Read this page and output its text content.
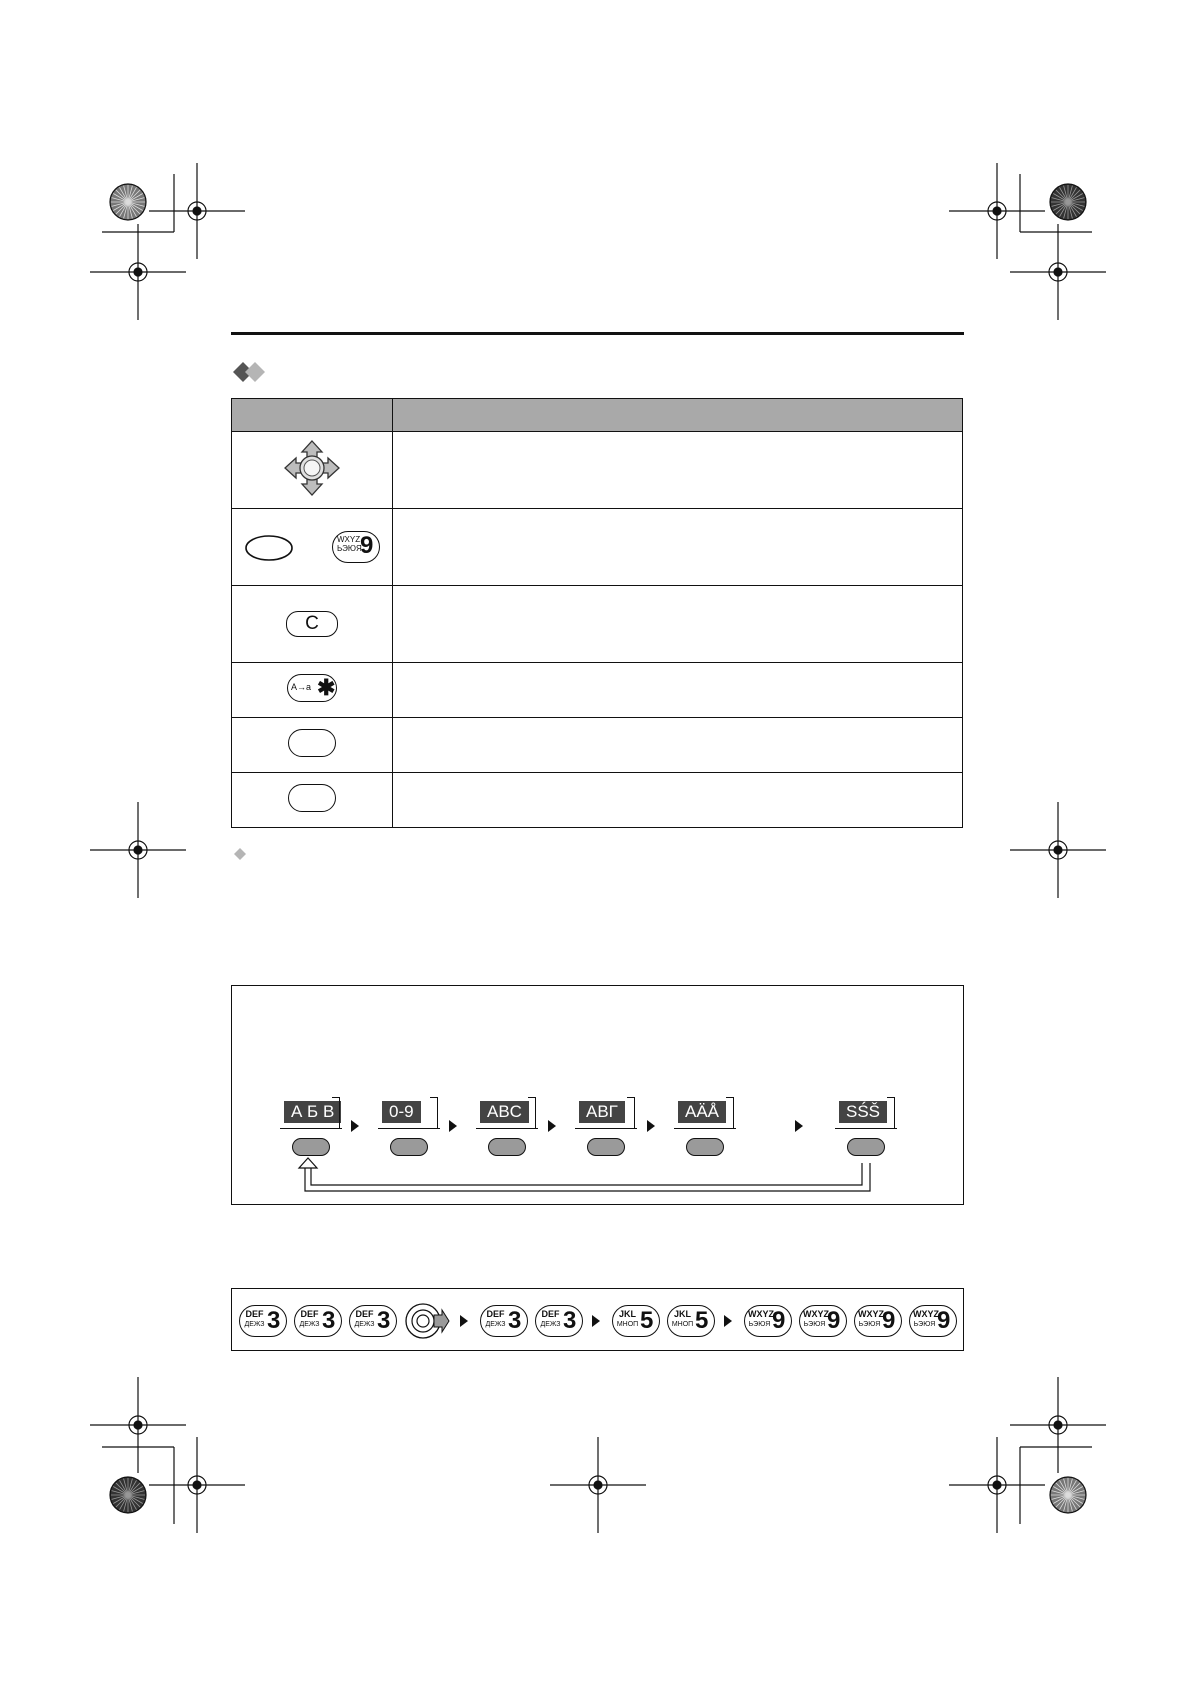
WXYZ ЬЭЮЯ
9	

C	

A→a ✱	

А Б В	0-9	ABC	ΑΒΓ	AÄÅ	SŚŠ
DEF
ДЕЖЗ 3 DEF
ДЕЖЗ 3 DEF
ДЕЖЗ 3	DEF
ДЕЖЗ 3 DEF
ДЕЖЗ 3	JKL
МНОП 5	JKL
МНОП 5	WXYZ
ЬЭЮЯ 9 WXYZ
ЬЭЮЯ 9 WXYZ
ЬЭЮЯ 9 WXYZ
ЬЭЮЯ 9
